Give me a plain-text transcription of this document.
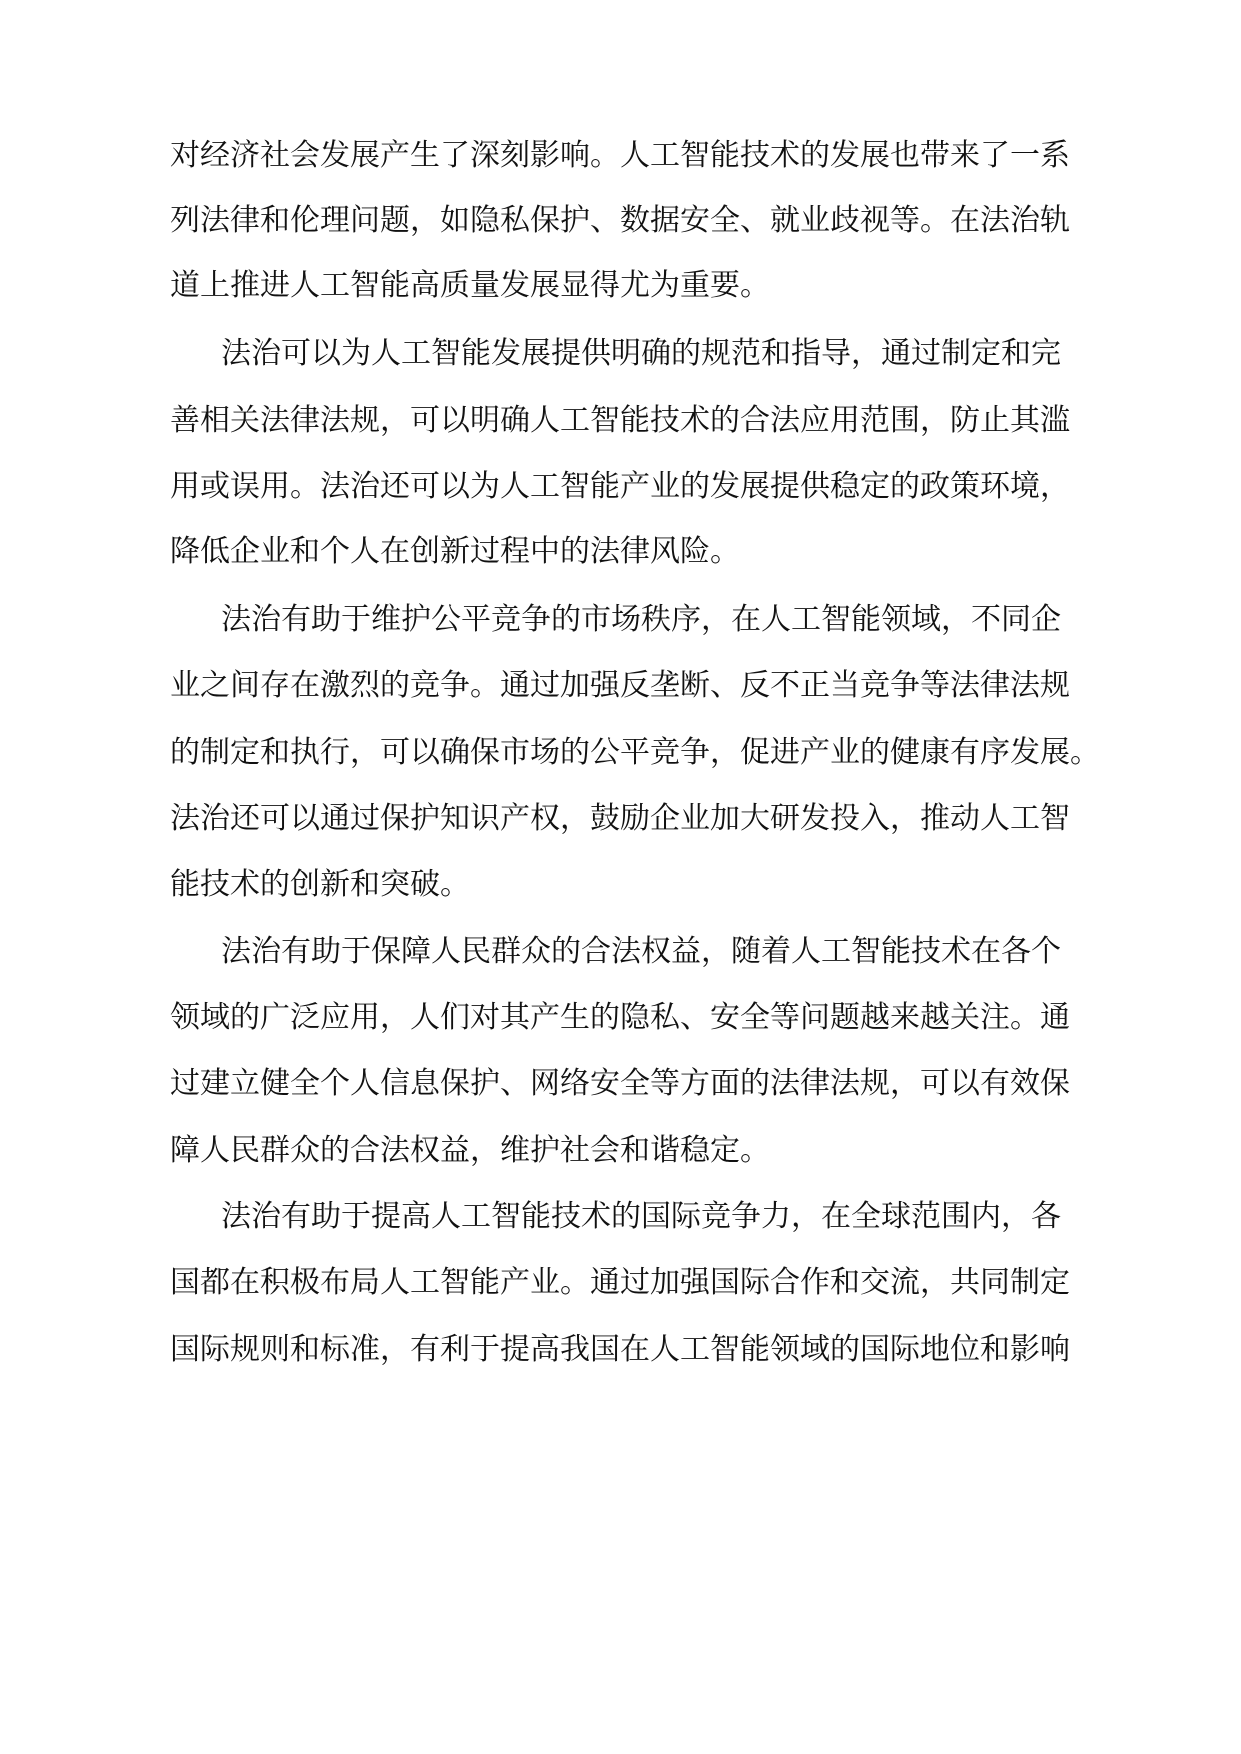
对经济社会发展产生了深刻影响。人工智能技术的发展也带来了一系
列法律和伦理问题，如隐私保护、数据安全、就业歧视等。在法治轨
道上推进人工智能高质量发展显得尤为重要。
法治可以为人工智能发展提供明确的规范和指导，通过制定和完
善相关法律法规，可以明确人工智能技术的合法应用范围，防止其滥
用或误用。法治还可以为人工智能产业的发展提供稳定的政策环境，
降低企业和个人在创新过程中的法律风险。
法治有助于维护公平竞争的市场秩序，在人工智能领域，不同企
业之间存在激烈的竞争。通过加强反垄断、反不正当竞争等法律法规
的制定和执行，可以确保市场的公平竞争，促进产业的健康有序发展。
法治还可以通过保护知识产权，鼓励企业加大研发投入，推动人工智
能技术的创新和突破。
法治有助于保障人民群众的合法权益，随着人工智能技术在各个
领域的广泛应用，人们对其产生的隐私、安全等问题越来越关注。通
过建立健全个人信息保护、网络安全等方面的法律法规，可以有效保
障人民群众的合法权益，维护社会和谐稳定。
法治有助于提高人工智能技术的国际竞争力，在全球范围内，各
国都在积极布局人工智能产业。通过加强国际合作和交流，共同制定
国际规则和标准，有利于提高我国在人工智能领域的国际地位和影响
